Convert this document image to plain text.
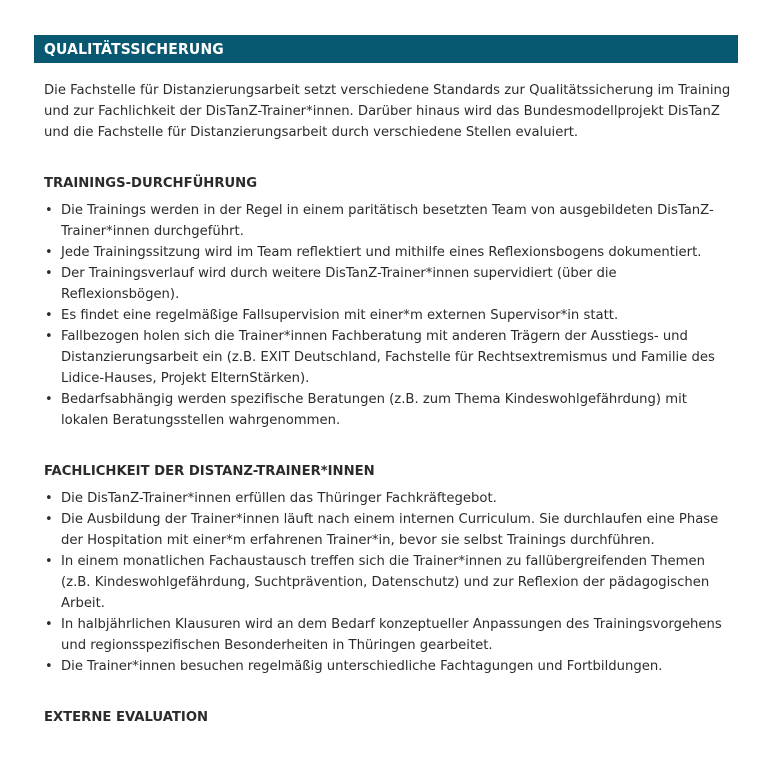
QUALITÄTSSICHERUNG

Die Fachstelle für Distanzierungsarbeit setzt verschiedene Standards zur Qualitätssicherung im Training und zur Fachlichkeit der DisTanZ-Trainer*innen. Darüber hinaus wird das Bundesmodellprojekt DisTanZ und die Fachstelle für Distanzierungsarbeit durch verschiedene Stellen evaluiert.

TRAININGS-DURCHFÜHRUNG
• Die Trainings werden in der Regel in einem paritätisch besetzten Team von ausgebildeten DisTanZ-Trainer*innen durchgeführt.
• Jede Trainingssitzung wird im Team reflektiert und mithilfe eines Reflexionsbogens dokumentiert.
• Der Trainingsverlauf wird durch weitere DisTanZ-Trainer*innen supervidiert (über die Reflexionsbögen).
• Es findet eine regelmäßige Fallsupervision mit einer*m externen Supervisor*in statt.
• Fallbezogen holen sich die Trainer*innen Fachberatung mit anderen Trägern der Ausstiegs- und Distanzierungsarbeit ein (z.B. EXIT Deutschland, Fachstelle für Rechtsextremismus und Familie des Lidice-Hauses, Projekt ElternStärken).
• Bedarfsabhängig werden spezifische Beratungen (z.B. zum Thema Kindeswohlgefährdung) mit lokalen Beratungsstellen wahrgenommen.
FACHLICHKEIT DER DISTANZ-TRAINER*INNEN
• Die DisTanZ-Trainer*innen erfüllen das Thüringer Fachkräftegebot.
• Die Ausbildung der Trainer*innen läuft nach einem internen Curriculum. Sie durchlaufen eine Phase der Hospitation mit einer*m erfahrenen Trainer*in, bevor sie selbst Trainings durchführen.
• In einem monatlichen Fachaustausch treffen sich die Trainer*innen zu fallübergreifenden Themen (z.B. Kindeswohlgefährdung, Suchtprävention, Datenschutz) und zur Reflexion der pädagogischen Arbeit.
• In halbjährlichen Klausuren wird an dem Bedarf konzeptueller Anpassungen des Trainingsvorgehens und regionsspezifischen Besonderheiten in Thüringen gearbeitet.
• Die Trainer*innen besuchen regelmäßig unterschiedliche Fachtagungen und Fortbildungen.
EXTERNE EVALUATION
